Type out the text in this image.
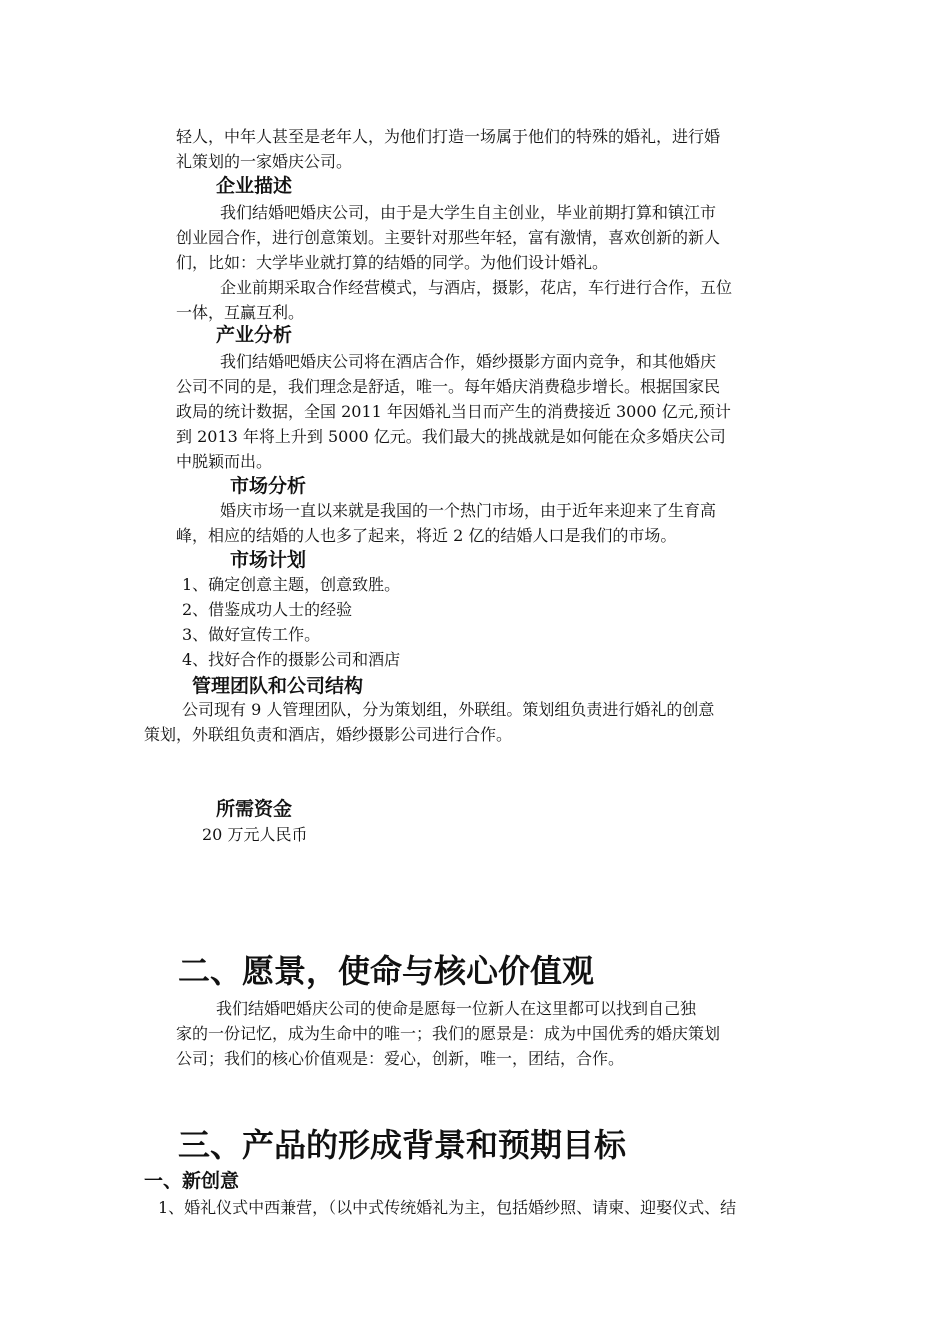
轻人，中年人甚至是老年人，为他们打造一场属于他们的特殊的婚礼，进行婚
礼策划的一家婚庆公司。
企业描述
我们结婚吧婚庆公司，由于是大学生自主创业，毕业前期打算和镇江市
创业园合作，进行创意策划。主要针对那些年轻，富有激情，喜欢创新的新人
们，比如：大学毕业就打算的结婚的同学。为他们设计婚礼。
企业前期采取合作经营模式，与酒店，摄影，花店，车行进行合作，五位
一体，互赢互利。
产业分析
我们结婚吧婚庆公司将在酒店合作，婚纱摄影方面内竞争，和其他婚庆
公司不同的是，我们理念是舒适，唯一。每年婚庆消费稳步增长。根据国家民
政局的统计数据，全国 2011 年因婚礼当日而产生的消费接近 3000 亿元,预计
到 2013 年将上升到 5000 亿元。我们最大的挑战就是如何能在众多婚庆公司
中脱颖而出。
市场分析
婚庆市场一直以来就是我国的一个热门市场，由于近年来迎来了生育高
峰，相应的结婚的人也多了起来，将近 2 亿的结婚人口是我们的市场。
市场计划
1、确定创意主题，创意致胜。
2、借鉴成功人士的经验
3、做好宣传工作。
4、找好合作的摄影公司和酒店
管理团队和公司结构
公司现有 9 人管理团队，分为策划组，外联组。策划组负责进行婚礼的创意
策划，外联组负责和酒店，婚纱摄影公司进行合作。
所需资金
20 万元人民币
二、愿景，使命与核心价值观
我们结婚吧婚庆公司的使命是愿每一位新人在这里都可以找到自己独
家的一份记忆，成为生命中的唯一；我们的愿景是：成为中国优秀的婚庆策划
公司；我们的核心价值观是：爱心，创新，唯一，团结，合作。
三、产品的形成背景和预期目标
一、新创意
1、婚礼仪式中西兼营，（以中式传统婚礼为主，包括婚纱照、请柬、迎娶仪式、结
